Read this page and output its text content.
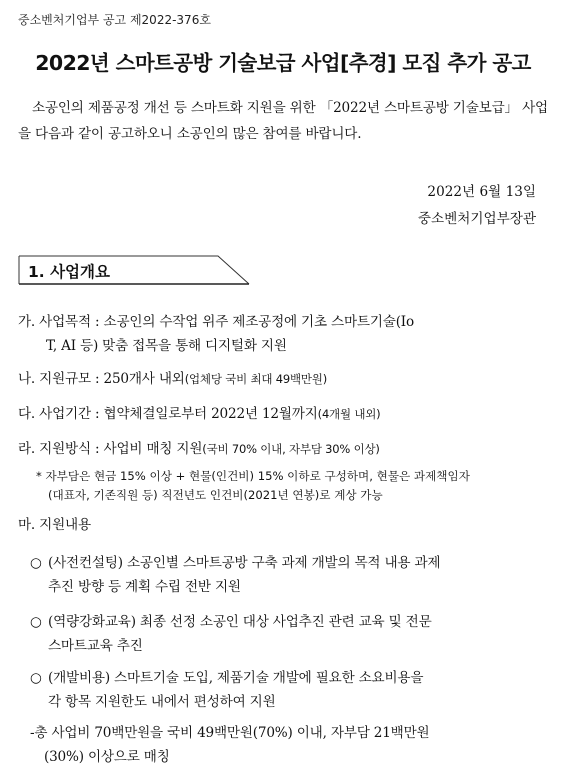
중소벤처기업부 공고 제2022-376호
2022년 스마트공방 기술보급 사업[추경] 모집 추가 공고
소공인의 제품공정 개선 등 스마트화 지원을 위한 「2022년 스마트공방 기술보급」 사업을 다음과 같이 공고하오니 소공인의 많은 참여를 바랍니다.
2022년 6월 13일
중소벤처기업부장관
1. 사업개요
가. 사업목적 : 소공인의 수작업 위주 제조공정에 기초 스마트기술(Io
T, AI 등) 맞춤 접목을 통해 디지털화 지원
나. 지원규모 : 250개사 내외(업체당 국비 최대 49백만원)
다. 사업기간 : 협약체결일로부터 2022년 12월까지(4개월 내외)
라. 지원방식 : 사업비 매칭 지원(국비 70% 이내, 자부담 30% 이상)
* 자부담은 현금 15% 이상 + 현물(인건비) 15% 이하로 구성하며, 현물은 과제책임자
(대표자, 기존직원 등) 직전년도 인건비(2021년 연봉)로 계상 가능
마. 지원내용
○ (사전컨설팅) 소공인별 스마트공방 구축 과제 개발의 목적 내용 과제
추진 방향 등 계획 수립 전반 지원
○ (역량강화교육) 최종 선정 소공인 대상 사업추진 관련 교육 및 전문
스마트교육 추진
○ (개발비용) 스마트기술 도입, 제품기술 개발에 필요한 소요비용을
각 항목 지원한도 내에서 편성하여 지원
-총 사업비 70백만원을 국비 49백만원(70%) 이내, 자부담 21백만원
(30%) 이상으로 매칭
